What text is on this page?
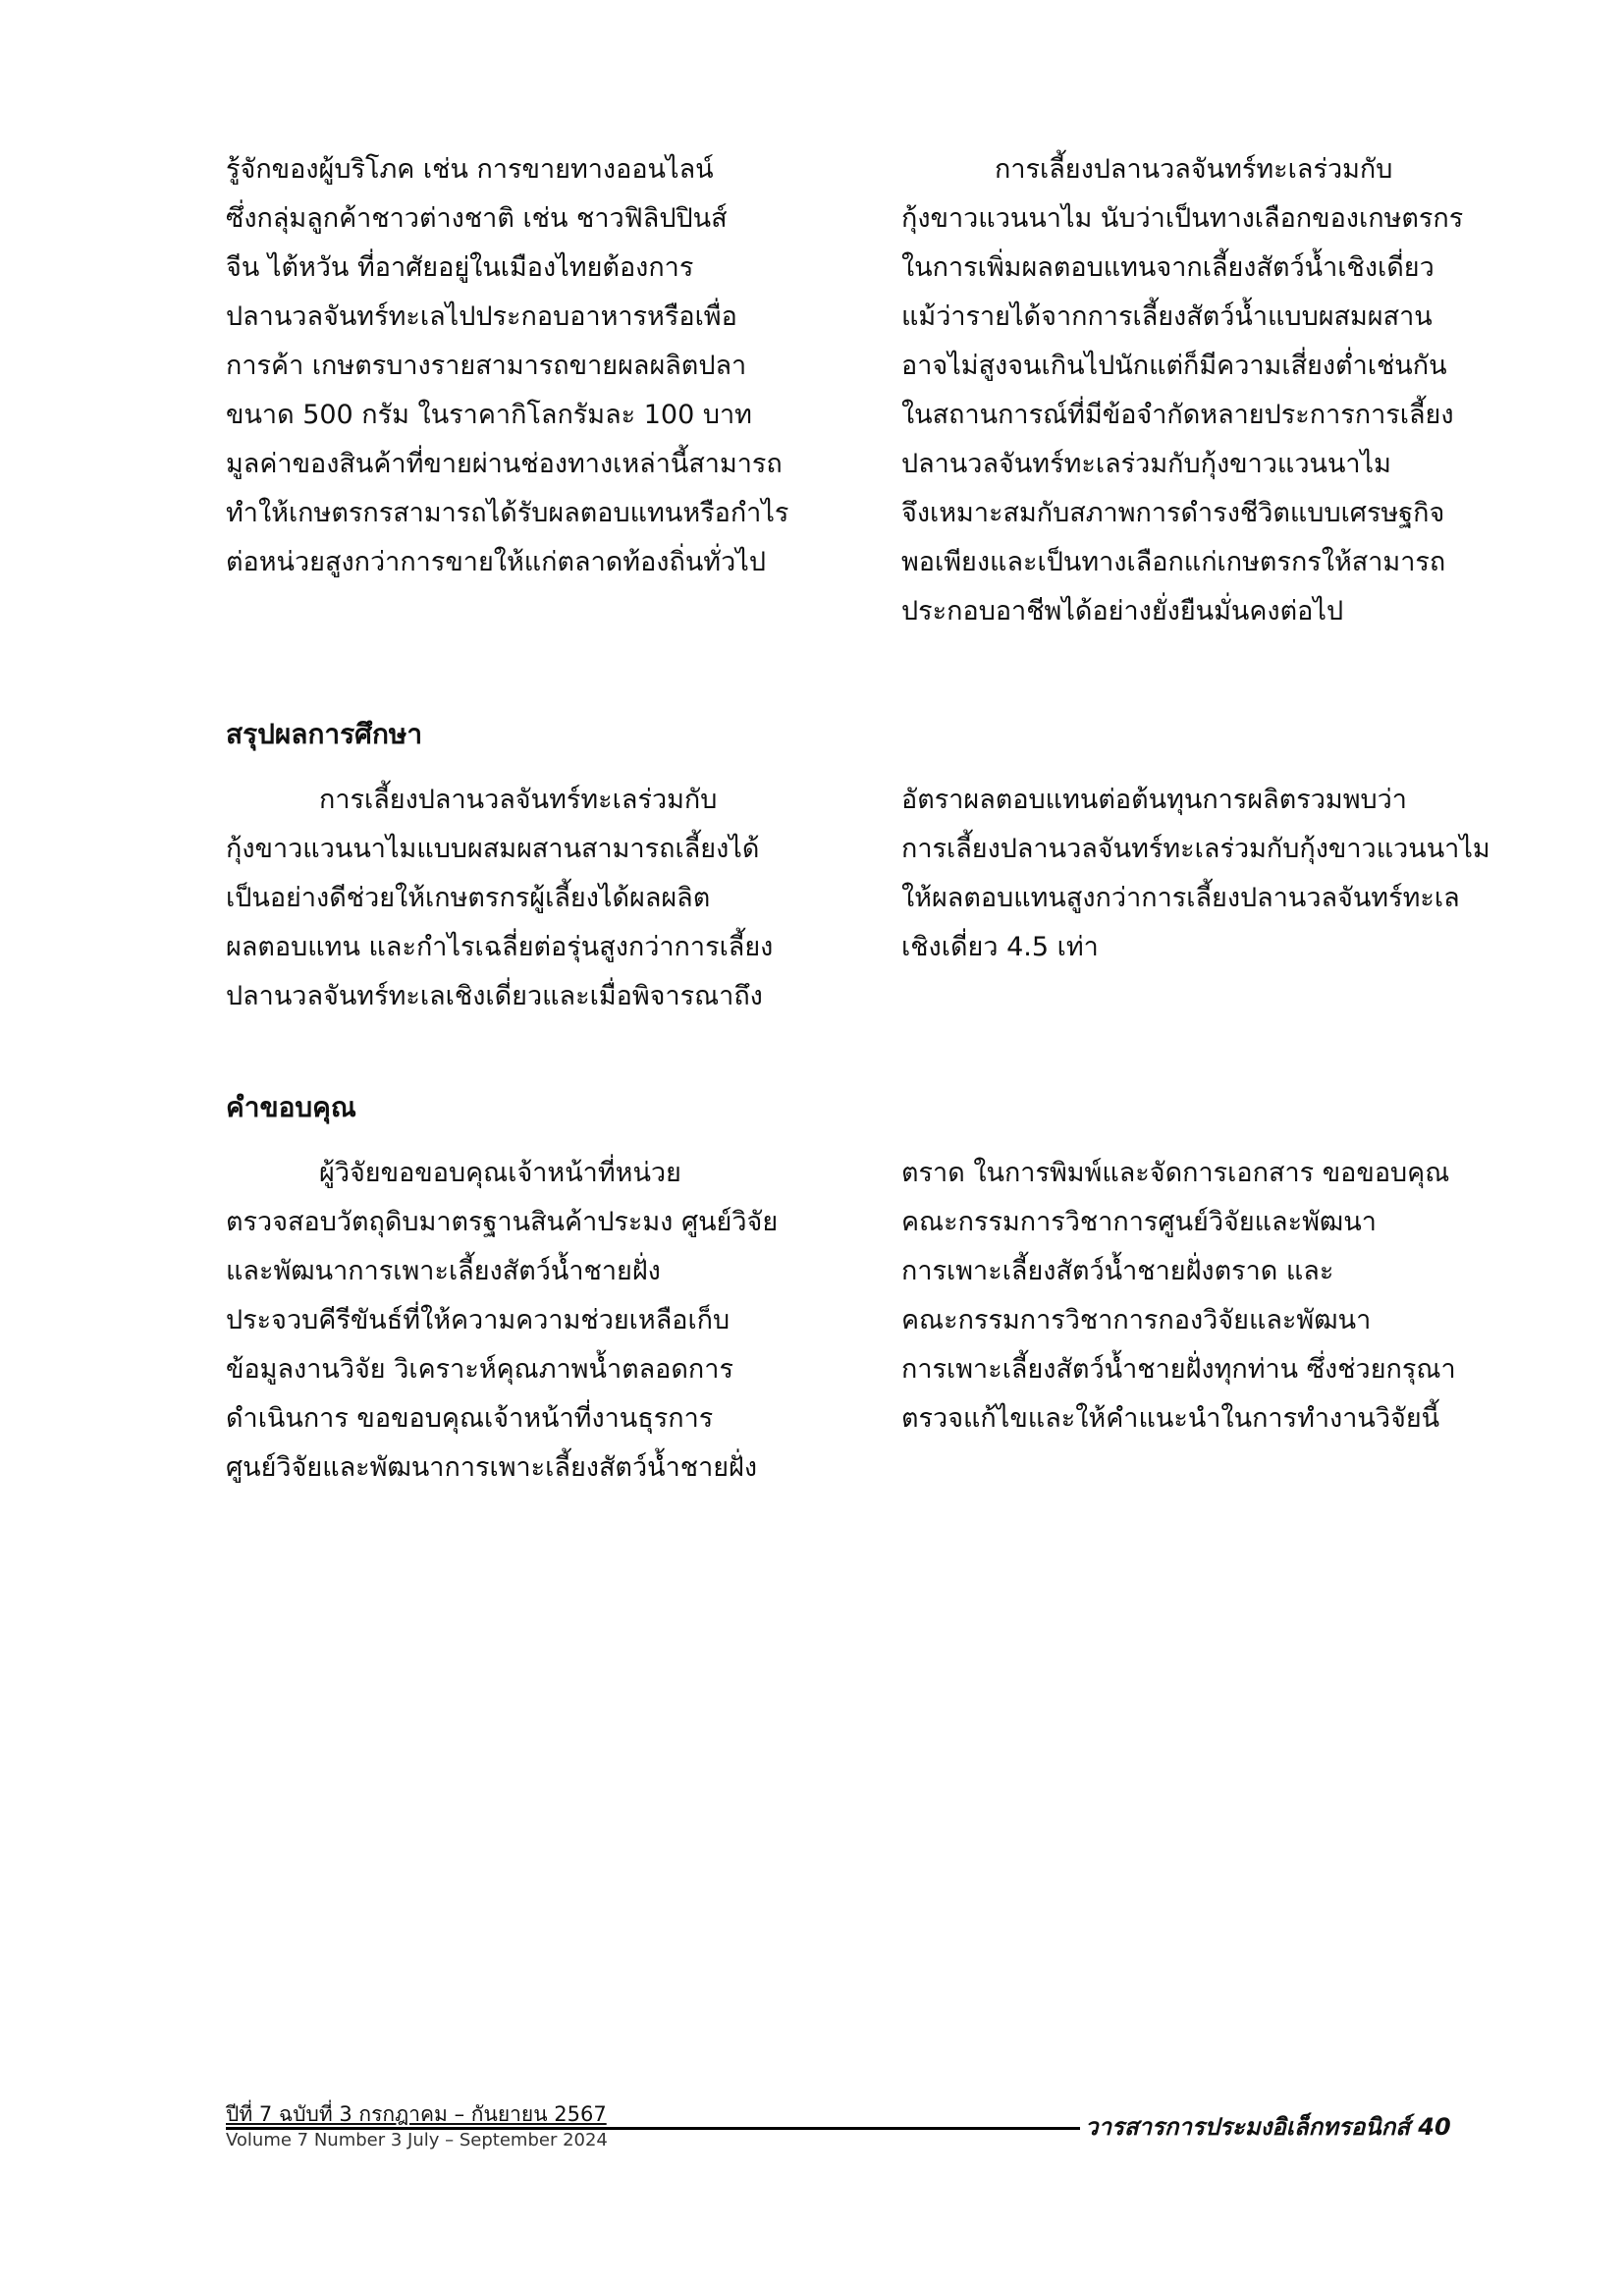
รู้จักของผู้บริโภค เช่น การขายทางออนไลน์
ซึ่งกลุ่มลูกค้าชาวต่างชาติ เช่น ชาวฟิลิปปินส์
จีน ไต้หวัน ที่อาศัยอยู่ในเมืองไทยต้องการ
ปลานวลจันทร์ทะเลไปประกอบอาหารหรือเพื่อ
การค้า เกษตรบางรายสามารถขายผลผลิตปลา
ขนาด 500 กรัม ในราคากิโลกรัมละ 100 บาท
มูลค่าของสินค้าที่ขายผ่านช่องทางเหล่านี้สามารถ
ทำให้เกษตรกรสามารถได้รับผลตอบแทนหรือกำไร
ต่อหน่วยสูงกว่าการขายให้แก่ตลาดท้องถิ่นทั่วไป

การเลี้ยงปลานวลจันทร์ทะเลร่วมกับ
กุ้งขาวแวนนาไม นับว่าเป็นทางเลือกของเกษตรกร
ในการเพิ่มผลตอบแทนจากเลี้ยงสัตว์น้ำเชิงเดี่ยว
แม้ว่ารายได้จากการเลี้ยงสัตว์น้ำแบบผสมผสาน
อาจไม่สูงจนเกินไปนักแต่ก็มีความเสี่ยงต่ำเช่นกัน
ในสถานการณ์ที่มีข้อจำกัดหลายประการการเลี้ยง
ปลานวลจันทร์ทะเลร่วมกับกุ้งขาวแวนนาไม
จึงเหมาะสมกับสภาพการดำรงชีวิตแบบเศรษฐกิจ
พอเพียงและเป็นทางเลือกแก่เกษตรกรให้สามารถ
ประกอบอาชีพได้อย่างยั่งยืนมั่นคงต่อไป

สรุปผลการศึกษา

การเลี้ยงปลานวลจันทร์ทะเลร่วมกับ
กุ้งขาวแวนนาไมแบบผสมผสานสามารถเลี้ยงได้
เป็นอย่างดีช่วยให้เกษตรกรผู้เลี้ยงได้ผลผลิต
ผลตอบแทน และกำไรเฉลี่ยต่อรุ่นสูงกว่าการเลี้ยง
ปลานวลจันทร์ทะเลเชิงเดี่ยวและเมื่อพิจารณาถึง

อัตราผลตอบแทนต่อต้นทุนการผลิตรวมพบว่า
การเลี้ยงปลานวลจันทร์ทะเลร่วมกับกุ้งขาวแวนนาไม
ให้ผลตอบแทนสูงกว่าการเลี้ยงปลานวลจันทร์ทะเล
เชิงเดี่ยว 4.5 เท่า

คำขอบคุณ

ผู้วิจัยขอขอบคุณเจ้าหน้าที่หน่วย
ตรวจสอบวัตถุดิบมาตรฐานสินค้าประมง ศูนย์วิจัย
และพัฒนาการเพาะเลี้ยงสัตว์น้ำชายฝั่ง
ประจวบคีรีขันธ์ที่ให้ความความช่วยเหลือเก็บ
ข้อมูลงานวิจัย วิเคราะห์คุณภาพน้ำตลอดการ
ดำเนินการ ขอขอบคุณเจ้าหน้าที่งานธุรการ
ศูนย์วิจัยและพัฒนาการเพาะเลี้ยงสัตว์น้ำชายฝั่ง

ตราด ในการพิมพ์และจัดการเอกสาร ขอขอบคุณ
คณะกรรมการวิชาการศูนย์วิจัยและพัฒนา
การเพาะเลี้ยงสัตว์น้ำชายฝั่งตราด และ
คณะกรรมการวิชาการกองวิจัยและพัฒนา
การเพาะเลี้ยงสัตว์น้ำชายฝั่งทุกท่าน ซึ่งช่วยกรุณา
ตรวจแก้ไขและให้คำแนะนำในการทำงานวิจัยนี้

ปีที่ 7 ฉบับที่ 3 กรกฎาคม – กันยายน 2567
Volume 7 Number 3 July – September 2024	วารสารการประมงอิเล็กทรอนิกส์ 40
